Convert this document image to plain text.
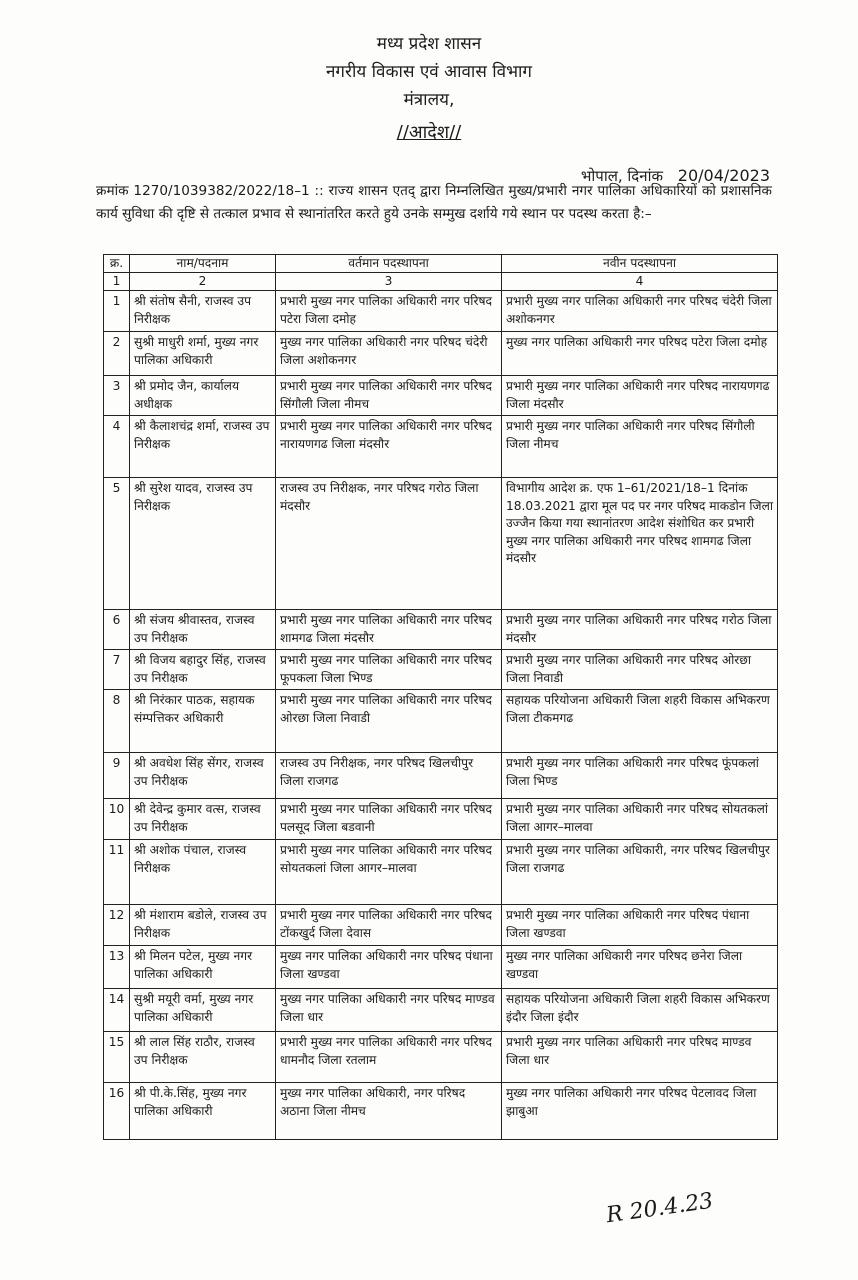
मध्य प्रदेश शासन
नगरीय विकास एवं आवास विभाग
मंत्रालय,
//आदेश//
भोपाल, दिनांक 20/04/2023
क्रमांक 1270/1039382/2022/18–1 :: राज्य शासन एतद् द्वारा निम्नलिखित मुख्य/प्रभारी नगर पालिका अधिकारियों को प्रशासनिक कार्य सुविधा की दृष्टि से तत्काल प्रभाव से स्थानांतरित करते हुये उनके सम्मुख दर्शाये गये स्थान पर पदस्थ करता है:–
क्र.	नाम/पदनाम	वर्तमान पदस्थापना	नवीन पदस्थापना
1	2	3	4
1	श्री संतोष सैनी, राजस्व उप निरीक्षक	प्रभारी मुख्य नगर पालिका अधिकारी नगर परिषद पटेरा जिला दमोह	प्रभारी मुख्य नगर पालिका अधिकारी नगर परिषद चंदेरी जिला अशोकनगर
2	सुश्री माधुरी शर्मा, मुख्य नगर पालिका अधिकारी	मुख्य नगर पालिका अधिकारी नगर परिषद चंदेरी जिला अशोकनगर	मुख्य नगर पालिका अधिकारी नगर परिषद पटेरा जिला दमोह
3	श्री प्रमोद जैन, कार्यालय अधीक्षक	प्रभारी मुख्य नगर पालिका अधिकारी नगर परिषद सिंगौली जिला नीमच	प्रभारी मुख्य नगर पालिका अधिकारी नगर परिषद नारायणगढ जिला मंदसौर
4	श्री कैलाशचंद्र शर्मा, राजस्व उप निरीक्षक	प्रभारी मुख्य नगर पालिका अधिकारी नगर परिषद नारायणगढ जिला मंदसौर	प्रभारी मुख्य नगर पालिका अधिकारी नगर परिषद सिंगौली जिला नीमच
5	श्री सुरेश यादव, राजस्व उप निरीक्षक	राजस्व उप निरीक्षक, नगर परिषद गरोठ जिला मंदसौर	विभागीय आदेश क्र. एफ 1–61/2021/18–1 दिनांक 18.03.2021 द्वारा मूल पद पर नगर परिषद माकडोन जिला उज्जैन किया गया स्थानांतरण आदेश संशोधित कर प्रभारी मुख्य नगर पालिका अधिकारी नगर परिषद शामगढ जिला मंदसौर
6	श्री संजय श्रीवास्तव, राजस्व उप निरीक्षक	प्रभारी मुख्य नगर पालिका अधिकारी नगर परिषद शामगढ जिला मंदसौर	प्रभारी मुख्य नगर पालिका अधिकारी नगर परिषद गरोठ जिला मंदसौर
7	श्री विजय बहादुर सिंह, राजस्व उप निरीक्षक	प्रभारी मुख्य नगर पालिका अधिकारी नगर परिषद फूपकला जिला भिण्ड	प्रभारी मुख्य नगर पालिका अधिकारी नगर परिषद ओरछा जिला निवाडी
8	श्री निरंकार पाठक, सहायक संम्पत्तिकर अधिकारी	प्रभारी मुख्य नगर पालिका अधिकारी नगर परिषद ओरछा जिला निवाडी	सहायक परियोजना अधिकारी जिला शहरी विकास अभिकरण जिला टीकमगढ
9	श्री अवधेश सिंह सेंगर, राजस्व उप निरीक्षक	राजस्व उप निरीक्षक, नगर परिषद खिलचीपुर जिला राजगढ	प्रभारी मुख्य नगर पालिका अधिकारी नगर परिषद फूंपकलां जिला भिण्ड
10	श्री देवेन्द्र कुमार वत्स, राजस्व उप निरीक्षक	प्रभारी मुख्य नगर पालिका अधिकारी नगर परिषद पलसूद जिला बडवानी	प्रभारी मुख्य नगर पालिका अधिकारी नगर परिषद सोयतकलां जिला आगर–मालवा
11	श्री अशोक पंचाल, राजस्व निरीक्षक	प्रभारी मुख्य नगर पालिका अधिकारी नगर परिषद सोयतकलां जिला आगर–मालवा	प्रभारी मुख्य नगर पालिका अधिकारी, नगर परिषद खिलचीपुर जिला राजगढ
12	श्री मंशाराम बडोले, राजस्व उप निरीक्षक	प्रभारी मुख्य नगर पालिका अधिकारी नगर परिषद टोंकखुर्द जिला देवास	प्रभारी मुख्य नगर पालिका अधिकारी नगर परिषद पंधाना जिला खण्डवा
13	श्री मिलन पटेल, मुख्य नगर पालिका अधिकारी	मुख्य नगर पालिका अधिकारी नगर परिषद पंधाना जिला खण्डवा	मुख्य नगर पालिका अधिकारी नगर परिषद छनेरा जिला खण्डवा
14	सुश्री मयूरी वर्मा, मुख्य नगर पालिका अधिकारी	मुख्य नगर पालिका अधिकारी नगर परिषद माण्डव जिला धार	सहायक परियोजना अधिकारी जिला शहरी विकास अभिकरण इंदौर जिला इंदौर
15	श्री लाल सिंह राठौर, राजस्व उप निरीक्षक	प्रभारी मुख्य नगर पालिका अधिकारी नगर परिषद धामनौद जिला रतलाम	प्रभारी मुख्य नगर पालिका अधिकारी नगर परिषद माण्डव जिला धार
16	श्री पी.के.सिंह, मुख्य नगर पालिका अधिकारी	मुख्य नगर पालिका अधिकारी, नगर परिषद अठाना जिला नीमच	मुख्य नगर पालिका अधिकारी नगर परिषद पेटलावद जिला झाबुआ
R 20.4.23
